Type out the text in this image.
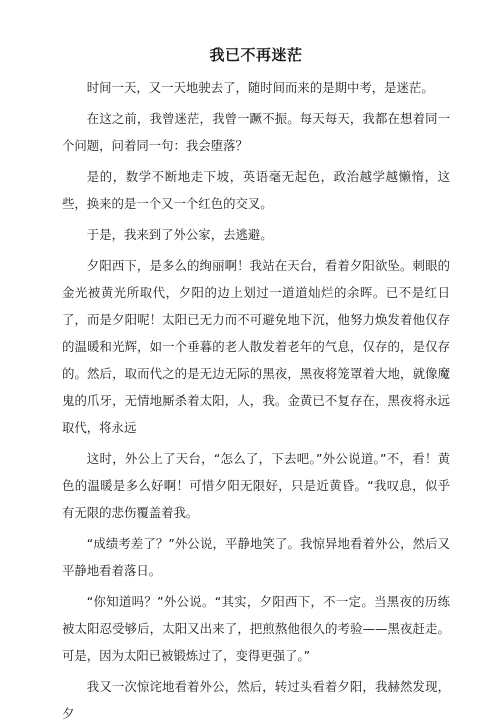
我已不再迷茫

时间一天，又一天地驶去了，随时间而来的是期中考，是迷茫。

在这之前，我曾迷茫，我曾一蹶不振。每天每天，我都在想着同一个问题，问着同一句：我会堕落？

是的，数学不断地走下坡，英语毫无起色，政治越学越懒惰，这些，换来的是一个又一个红色的交叉。

于是，我来到了外公家，去逃避。

夕阳西下，是多么的绚丽啊！我站在天台，看着夕阳欲坠。刺眼的金光被黄光所取代，夕阳的边上划过一道道灿烂的余晖。已不是红日了，而是夕阳呢！太阳已无力而不可避免地下沉，他努力焕发着他仅存的温暖和光辉，如一个垂暮的老人散发着老年的气息，仅存的，是仅存的。然后，取而代之的是无边无际的黑夜，黑夜将笼罩着大地，就像魔鬼的爪牙，无情地厮杀着太阳，人，我。金黄已不复存在，黑夜将永远取代，将永远

这时，外公上了天台，“怎么了，下去吧。”外公说道。”不，看！黄色的温暖是多么好啊！可惜夕阳无限好，只是近黄昏。“我叹息，似乎有无限的悲伤覆盖着我。

“成绩考差了？”外公说，平静地笑了。我惊异地看着外公，然后又平静地看着落日。

“你知道吗？”外公说。“其实，夕阳西下，不一定。当黑夜的历练被太阳忍受够后，太阳又出来了，把煎熬他很久的考验——黑夜赶走。可是，因为太阳已被锻炼过了，变得更强了。”

我又一次惊诧地看着外公，然后，转过头看着夕阳，我赫然发现，夕
